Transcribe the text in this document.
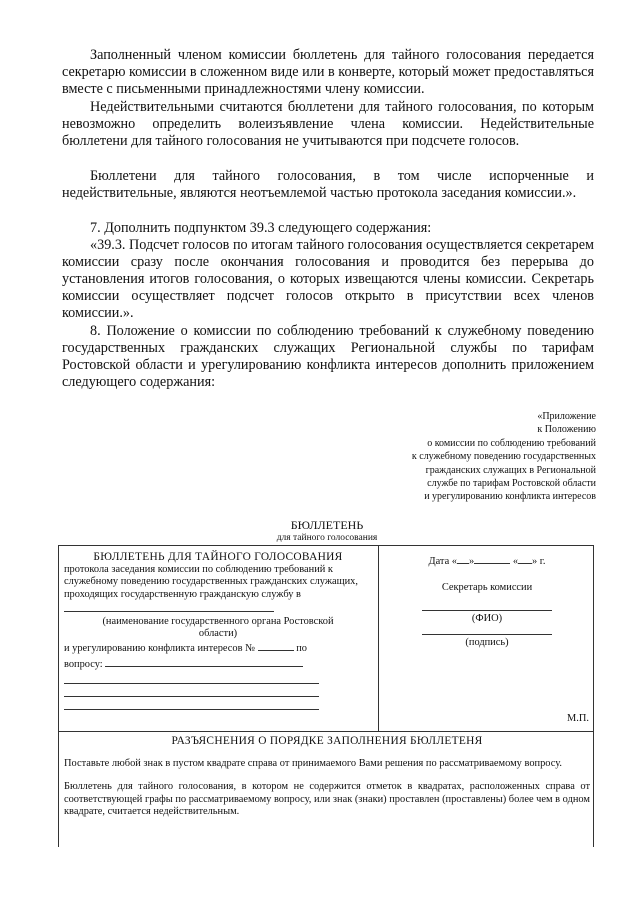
Заполненный членом комиссии бюллетень для тайного голосования передается секретарю комиссии в сложенном виде или в конверте, который может предоставляться вместе с письменными принадлежностями члену комиссии.

Недействительными считаются бюллетени для тайного голосования, по которым невозможно определить волеизъявление члена комиссии. Недействительные бюллетени для тайного голосования не учитываются при подсчете голосов.

Бюллетени для тайного голосования, в том числе испорченные и недействительные, являются неотъемлемой частью протокола заседания комиссии.».

7. Дополнить подпунктом 39.3 следующего содержания:

«39.3. Подсчет голосов по итогам тайного голосования осуществляется секретарем комиссии сразу после окончания голосования и проводится без перерыва до установления итогов голосования, о которых извещаются члены комиссии. Секретарь комиссии осуществляет подсчет голосов открыто в присутствии всех членов комиссии.».

8. Положение о комиссии по соблюдению требований к служебному поведению государственных гражданских служащих Региональной службы по тарифам Ростовской области и урегулированию конфликта интересов дополнить приложением следующего содержания:

«Приложение
к Положению
о комиссии по соблюдению требований
к служебному поведению государственных
гражданских служащих в Региональной
службе по тарифам Ростовской области
и урегулированию конфликта интересов
БЮЛЛЕТЕНЬ
для тайного голосования
БЮЛЛЕТЕНЬ ДЛЯ ТАЙНОГО ГОЛОСОВАНИЯ
протокола заседания комиссии по соблюдению требований к служебному поведению государственных гражданских служащих, проходящих государственную гражданскую службу в
(наименование государственного органа Ростовской области)
и урегулированию конфликта интересов №	по
вопросу:
Дата « »	« » г.
Секретарь комиссии
(ФИО)
(подпись)
М.П.
РАЗЪЯСНЕНИЯ О ПОРЯДКЕ ЗАПОЛНЕНИЯ БЮЛЛЕТЕНЯ

Поставьте любой знак в пустом квадрате справа от принимаемого Вами решения по рассматриваемому вопросу.

Бюллетень для тайного голосования, в котором не содержится отметок в квадратах, расположенных справа от соответствующей графы по рассматриваемому вопросу, или знак (знаки) проставлен (проставлены) более чем в одном квадрате, считается недействительным.
